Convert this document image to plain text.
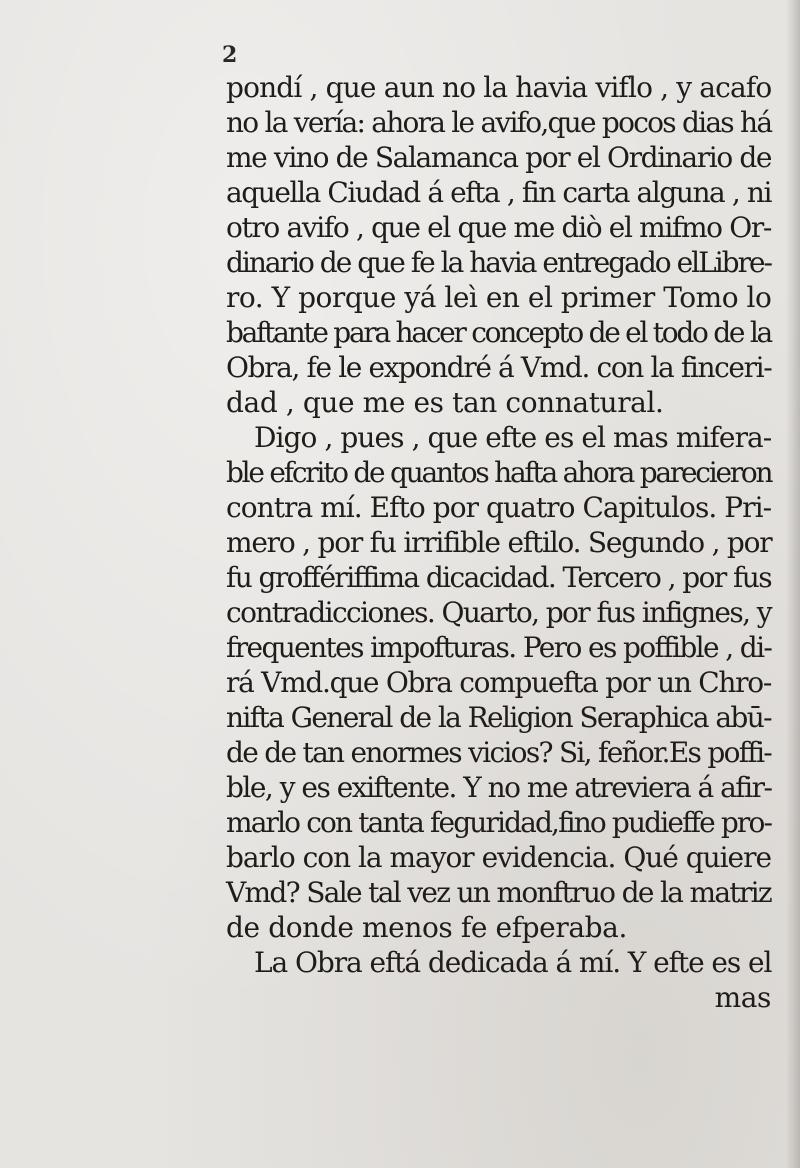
2
pondí , que aun no la havia viflo , y acafo
no la vería: ahora le avifo,que pocos dias há
me vino de Salamanca por el Ordinario de
aquella Ciudad á efta , fin carta alguna , ni
otro avifo , que el que me diò el mifmo Or-
dinario de que fe la havia entregado elLibre-
ro. Y porque yá leì en el primer Tomo lo
baftante para hacer concepto de el todo de la
Obra, fe le expondré á Vmd. con la finceri-
dad , que me es tan connatural.
Digo , pues , que efte es el mas mifera-
ble efcrito de quantos hafta ahora parecieron
contra mí. Efto por quatro Capitulos. Pri-
mero , por fu irrifible eftilo. Segundo , por
fu groffériffima dicacidad. Tercero , por fus
contradicciones. Quarto, por fus infignes, y
frequentes impofturas. Pero es poffible , di-
rá Vmd.que Obra compuefta por un Chro-
nifta General de la Religion Seraphica abū-
de de tan enormes vicios? Si, feñor.Es poffi-
ble, y es exiftente. Y no me atreviera á afir-
marlo con tanta feguridad,fino pudieffe pro-
barlo con la mayor evidencia. Qué quiere
Vmd? Sale tal vez un monftruo de la matriz
de donde menos fe efperaba.
La Obra eftá dedicada á mí. Y efte es el
mas
